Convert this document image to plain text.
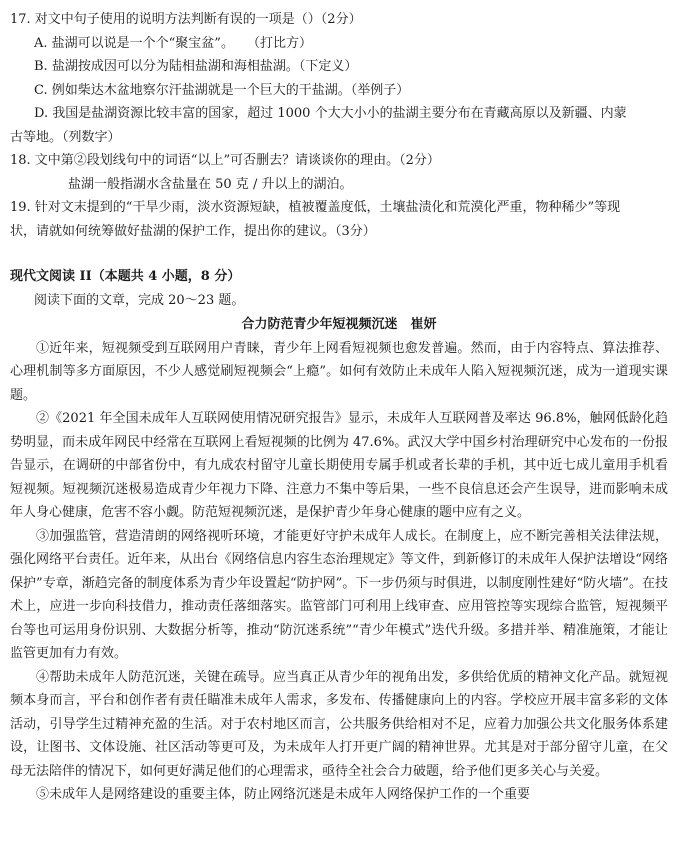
17. 对文中句子使用的说明方法判断有误的一项是（）（2分）
A. 盐湖可以说是一个个“聚宝盆”。　　（打比方）
B. 盐湖按成因可以分为陆相盐湖和海相盐湖。（下定义）
C. 例如柴达木盆地察尔汗盐湖就是一个巨大的干盐湖。（举例子）
D. 我国是盐湖资源比较丰富的国家，超过 1000 个大大小小的盐湖主要分布在青藏高原以及新疆、内蒙
古等地。（列数字）
18. 文中第②段划线句中的词语“以上”可否删去？请谈谈你的理由。（2分）
盐湖一般指湖水含盐量在 50 克 / 升以上的湖泊。
19. 针对文末提到的“干旱少雨，淡水资源短缺，植被覆盖度低，土壤盐渍化和荒漠化严重，物种稀少”等现
状，请就如何统筹做好盐湖的保护工作，提出你的建议。（3分）
现代文阅读 II（本题共 4 小题，8 分）
阅读下面的文章，完成 20～23 题。
合力防范青少年短视频沉迷　崔妍
①近年来，短视频受到互联网用户青睐，青少年上网看短视频也愈发普遍。然而，由于内容特点、算法推荐、心理机制等多方面原因，不少人感觉刷短视频会“上瘾”。如何有效防止未成年人陷入短视频沉迷，成为一道现实课题。
②《2021 年全国未成年人互联网使用情况研究报告》显示，未成年人互联网普及率达 96.8%，触网低龄化趋势明显，而未成年网民中经常在互联网上看短视频的比例为 47.6%。武汉大学中国乡村治理研究中心发布的一份报告显示，在调研的中部省份中，有九成农村留守儿童长期使用专属手机或者长辈的手机，其中近七成儿童用手机看短视频。短视频沉迷极易造成青少年视力下降、注意力不集中等后果，一些不良信息还会产生误导，进而影响未成年人身心健康，危害不容小觑。防范短视频沉迷，是保护青少年身心健康的题中应有之义。
③加强监管，营造清朗的网络视听环境，才能更好守护未成年人成长。在制度上，应不断完善相关法律法规，强化网络平台责任。近年来，从出台《网络信息内容生态治理规定》等文件，到新修订的未成年人保护法增设“网络保护”专章，渐趋完备的制度体系为青少年设置起“防护网”。下一步仍须与时俱进，以制度刚性建好“防火墙”。在技术上，应进一步向科技借力，推动责任落细落实。监管部门可利用上线审查、应用管控等实现综合监管，短视频平台等也可运用身份识别、大数据分析等，推动“防沉迷系统”“青少年模式”迭代升级。多措并举、精准施策，才能让监管更加有力有效。
④帮助未成年人防范沉迷，关键在疏导。应当真正从青少年的视角出发，多供给优质的精神文化产品。就短视频本身而言，平台和创作者有责任瞄准未成年人需求，多发布、传播健康向上的内容。学校应开展丰富多彩的文体活动，引导学生过精神充盈的生活。对于农村地区而言，公共服务供给相对不足，应着力加强公共文化服务体系建设，让图书、文体设施、社区活动等更可及，为未成年人打开更广阔的精神世界。尤其是对于部分留守儿童，在父母无法陪伴的情况下，如何更好满足他们的心理需求，亟待全社会合力破题，给予他们更多关心与关爱。
⑤未成年人是网络建设的重要主体，防止网络沉迷是未成年人网络保护工作的一个重要
